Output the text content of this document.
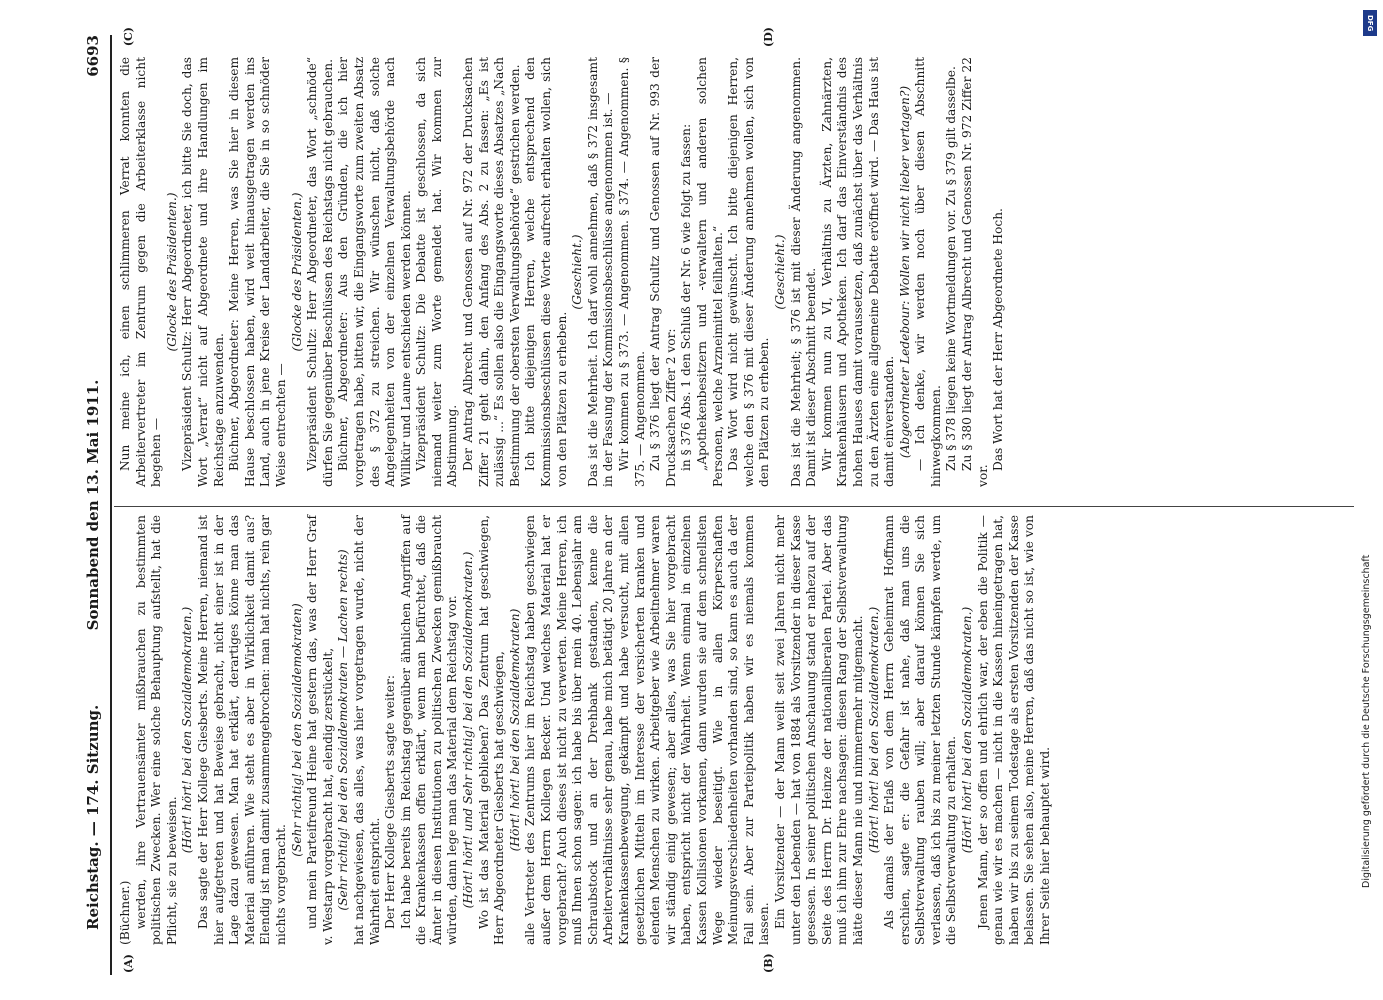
Reichstag. — 174. Sitzung.
Sonnabend den 13. Mai 1911.
6693
(A)	(B)
(C)	(D)

(Büchner.) werden, ihre Vertrauensämter mißbrauchen zu bestimmten politischen Zwecken. Wer eine solche Behauptung aufstellt, hat die Pflicht, sie zu beweisen.

(Hört! hört! bei den Sozialdemokraten.) Das sagte der Herr Kollege Giesberts. Meine Herren, niemand ist hier aufgetreten und hat Beweise gebracht, nicht einer ist in der Lage dazu gewesen. Man hat erklärt, derartiges könne man das Material anführen. Wie steht es aber in Wirklichkeit damit aus? Elendig ist man damit zusammengebrochen: man hat nichts, rein gar nichts vorgebracht.

(Sehr richtig! bei den Sozialdemokraten) und mein Parteifreund Heine hat gestern das, was der Herr Graf v. Westarp vorgebracht hat, elendig zerstückelt, (Sehr richtig! bei den Sozialdemokraten — Lachen rechts) hat nachgewiesen, das alles, was hier vorgetragen wurde, nicht der Wahrheit entspricht. Der Herr Kollege Giesberts sagte weiter: Ich habe bereits im Reichstag gegenüber ähnlichen Angriffen auf die Krankenkassen offen erklärt, wenn man befürchtet, daß die Ämter in diesen Institutionen zu politischen Zwecken gemißbraucht würden, dann lege man das Material dem Reichstag vor. (Hört! hört! und Sehr richtig! bei den Sozialdemokraten.) Wo ist das Material geblieben? Das Zentrum hat geschwiegen, Herr Abgeordneter Giesberts hat geschwiegen, (Hört! hört! bei den Sozialdemokraten) alle Vertreter des Zentrums hier im Reichstag haben geschwiegen außer dem Herrn Kollegen Becker. Und welches Material hat er vorgebracht? Auch dieses ist nicht zu verwerten. Meine Herren, ich muß Ihnen schon sagen: ich habe bis über mein 40. Lebensjahr am Schraubstock und an der Drehbank gestanden, kenne die Arbeiterverhältnisse sehr genau, habe mich betätigt 20 Jahre an der Krankenkassenbewegung, gekämpft und habe versucht, mit allen gesetzlichen Mitteln im Interesse der versicherten kranken und elenden Menschen zu wirken. Arbeitgeber wie Arbeitnehmer waren wir ständig einig gewesen; aber alles, was Sie hier vorgebracht haben, entspricht nicht der Wahrheit. Wenn einmal in einzelnen Kassen Kollisionen vorkamen, dann wurden sie auf dem schnellsten Wege wieder beseitigt. Wie in allen Körperschaften Meinungsverschiedenheiten vorhanden sind, so kann es auch da der Fall sein. Aber zur Parteipolitik haben wir es niemals kommen lassen. Ein Vorsitzender — der Mann weilt seit zwei Jahren nicht mehr unter den Lebenden — hat von 1884 als Vorsitzender in dieser Kasse gesessen. In seiner politischen Anschauung stand er nahezu auf der Seite des Herrn Dr. Heinze der nationalliberalen Partei. Aber das muß ich ihm zur Ehre nachsagen: diesen Rang der Selbstverwaltung hätte dieser Mann nie und nimmermehr mitgemacht. (Hört! hört! bei den Sozialdemokraten.) Als damals der Erlaß von dem Herrn Geheimrat Hoffmann erschien, sagte er: die Gefahr ist nahe, daß man uns die Selbstverwaltung rauben will; aber darauf können Sie sich verlassen, daß ich bis zu meiner letzten Stunde kämpfen werde, um die Selbstverwaltung zu erhalten. (Hört! hört! bei den Sozialdemokraten.) Jenen Mann, der so offen und ehrlich war, der eben die Politik — genau wie wir es machen — nicht in die Kassen hineingetragen hat, haben wir bis zu seinem Todestage als ersten Vorsitzenden der Kasse belassen. Sie sehen also, meine Herren, daß das nicht so ist, wie von Ihrer Seite hier behauptet wird.

Nun meine ich, einen schlimmeren Verrat konnten die Arbeitervertreter im Zentrum gegen die Arbeiterklasse nicht begehen —

(Glocke des Präsidenten.) Vizepräsident Schultz: Herr Abgeordneter, ich bitte Sie doch, das Wort „Verrat“ nicht auf Abgeordnete und ihre Handlungen im Reichstage anzuwenden. Büchner, Abgeordneter: Meine Herren, was Sie hier in diesem Hause beschlossen haben, wird weit hinausgetragen werden ins Land, auch in jene Kreise der Landarbeiter, die Sie in so schnöder Weise entrechten —

(Glocke des Präsidenten.) Vizepräsident Schultz: Herr Abgeordneter, das Wort „schnöde“ dürfen Sie gegenüber Beschlüssen des Reichstags nicht gebrauchen. Büchner, Abgeordneter: Aus den Gründen, die ich hier vorgetragen habe, bitten wir, die Eingangsworte zum zweiten Absatz des § 372 zu streichen. Wir wünschen nicht, daß solche Angelegenheiten von der einzelnen Verwaltungsbehörde nach Willkür und Laune entschieden werden können. Vizepräsident Schultz: Die Debatte ist geschlossen, da sich niemand weiter zum Worte gemeldet hat. Wir kommen zur Abstimmung. Der Antrag Albrecht und Genossen auf Nr. 972 der Drucksachen Ziffer 21 geht dahin, den Anfang des Abs. 2 zu fassen: „Es ist zulässig ...“ Es sollen also die Eingangsworte dieses Absatzes „Nach Bestimmung der obersten Verwaltungsbehörde“ gestrichen werden. Ich bitte diejenigen Herren, welche entsprechend den Kommissionsbeschlüssen diese Worte aufrecht erhalten wollen, sich von den Plätzen zu erheben.

(Geschieht.) Das ist die Mehrheit. Ich darf wohl annehmen, daß § 372 insgesamt in der Fassung der Kommissionsbeschlüsse angenommen ist. — Wir kommen zu § 373. — Angenommen. § 374. — Angenommen. § 375. — Angenommen. Zu § 376 liegt der Antrag Schultz und Genossen auf Nr. 993 der Drucksachen Ziffer 2 vor: in § 376 Abs. 1 den Schluß der Nr. 6 wie folgt zu fassen: „Apothekenbesitzern und -verwaltern und anderen solchen Personen, welche Arzneimittel feilhalten.“ Das Wort wird nicht gewünscht. Ich bitte diejenigen Herren, welche den § 376 mit dieser Änderung annehmen wollen, sich von den Plätzen zu erheben.

(Geschieht.) Das ist die Mehrheit; § 376 ist mit dieser Änderung angenommen. Damit ist dieser Abschnitt beendet. Wir kommen nun zu VI, Verhältnis zu Ärzten, Zahnärzten, Krankenhäusern und Apotheken. Ich darf das Einverständnis des hohen Hauses damit voraussetzen, daß zunächst über das Verhältnis zu den Ärzten eine allgemeine Debatte eröffnet wird. — Das Haus ist damit einverstanden. (Abgeordneter Ledebour: Wollen wir nicht lieber vertagen?) — Ich denke, wir werden noch über diesen Abschnitt hinwegkommen. Zu § 378 liegen keine Wortmeldungen vor. Zu § 379 gilt dasselbe. Zu § 380 liegt der Antrag Albrecht und Genossen Nr. 972 Ziffer 22 vor.

Das Wort hat der Herr Abgeordnete Hoch.

Digitalisierung gefördert durch die Deutsche Forschungsgemeinschaft
DFG
